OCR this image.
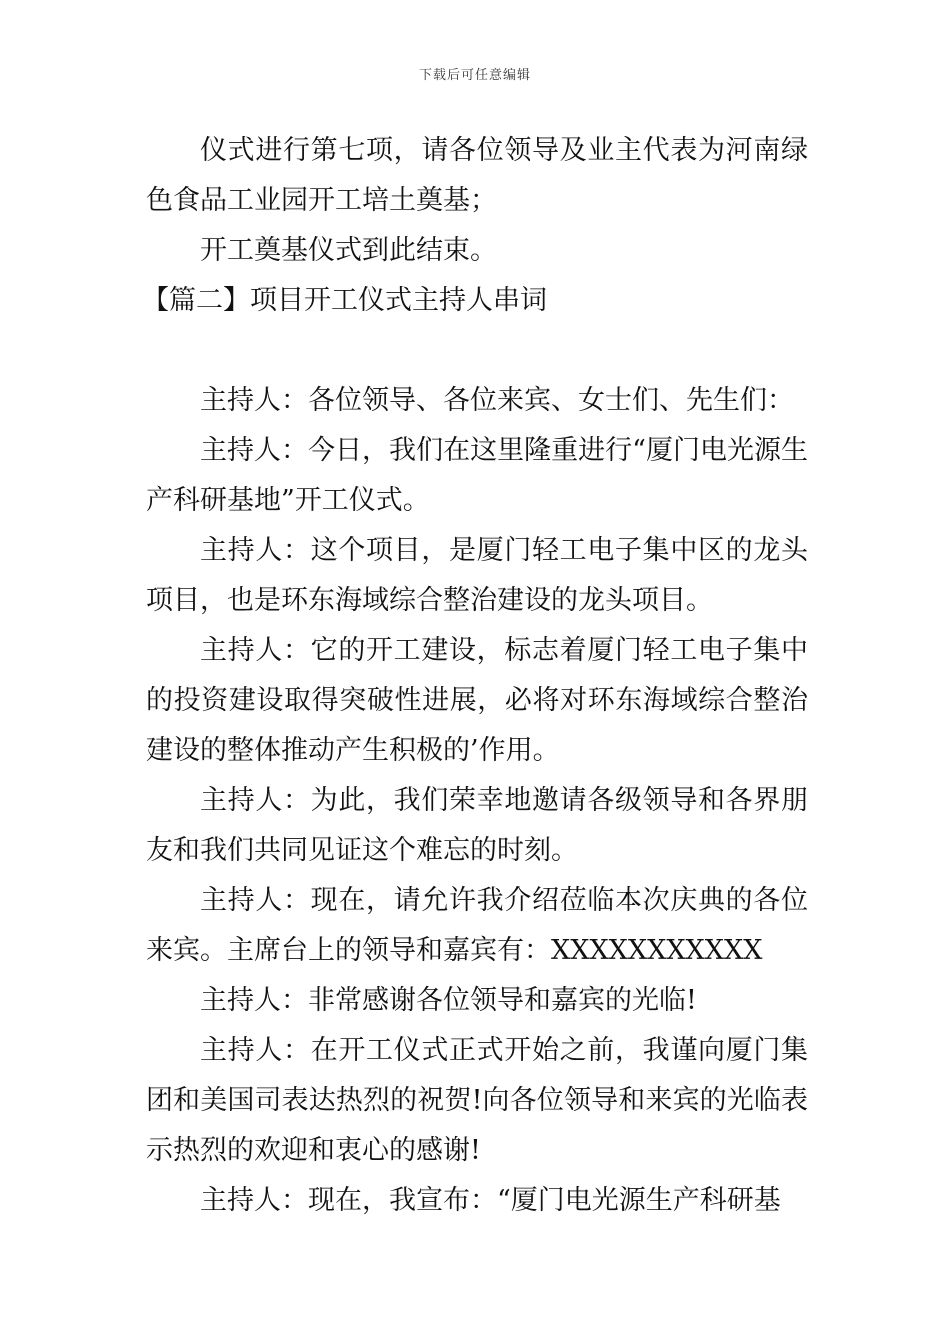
下载后可任意编辑

仪式进行第七项，请各位领导及业主代表为河南绿色食品工业园开工培土奠基；

开工奠基仪式到此结束。

【篇二】项目开工仪式主持人串词

主持人：各位领导、各位来宾、女士们、先生们：

主持人：今日，我们在这里隆重进行“厦门电光源生产科研基地”开工仪式。

主持人：这个项目，是厦门轻工电子集中区的龙头项目，也是环东海域综合整治建设的龙头项目。

主持人：它的开工建设，标志着厦门轻工电子集中的投资建设取得突破性进展，必将对环东海域综合整治建设的整体推动产生积极的’作用。

主持人：为此，我们荣幸地邀请各级领导和各界朋友和我们共同见证这个难忘的时刻。

主持人：现在，请允许我介绍莅临本次庆典的各位来宾。主席台上的领导和嘉宾有：XXXXXXXXXXX

主持人：非常感谢各位领导和嘉宾的光临!

主持人：在开工仪式正式开始之前，我谨向厦门集团和美国司表达热烈的祝贺!向各位领导和来宾的光临表示热烈的欢迎和衷心的感谢!

主持人：现在，我宣布：“厦门电光源生产科研基
